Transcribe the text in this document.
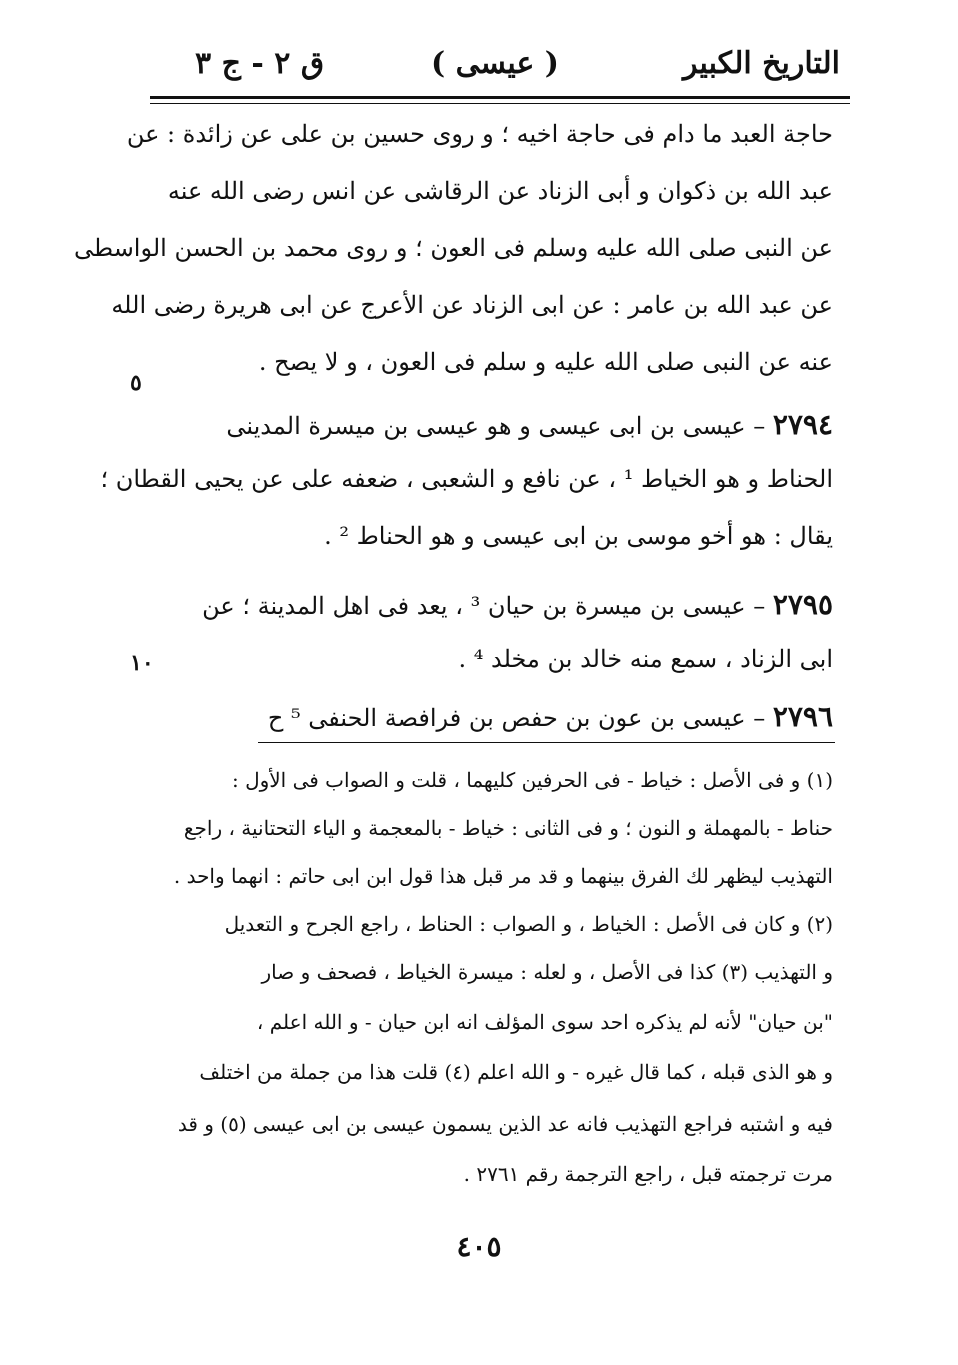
التاريخ الكبير
( عيسى )
ق ٢ - ج ٣
حاجة العبد ما دام فى حاجة اخيه ؛ و روى حسين بن على عن زائدة : عن
عبد الله بن ذكوان و أبى الزناد عن الرقاشى عن انس رضى الله عنه
عن النبى صلى الله عليه وسلم فى العون ؛ و روى محمد بن الحسن الواسطى
عن عبد الله بن عامر : عن ابى الزناد عن الأعرج عن ابى هريرة رضى الله
عنه عن النبى صلى الله عليه و سلم فى العون ، و لا يصح .
٥
٢٧٩٤ – عيسى بن ابى عيسى و هو عيسى بن ميسرة المدينى
الحناط و هو الخياط ¹ ، عن نافع و الشعبى ، ضعفه على عن يحيى القطان ؛
يقال : هو أخو موسى بن ابى عيسى و هو الحناط ² .
٢٧٩٥ – عيسى بن ميسرة بن حيان ³ ، يعد فى اهل المدينة ؛ عن
ابى الزناد ، سمع منه خالد بن مخلد ⁴ .
١٠
٢٧٩٦ – عيسى بن عون بن حفص بن فرافصة الحنفى ⁵ ح
(١) و فى الأصل : خياط - فى الحرفين كليهما ، قلت و الصواب فى الأول :
حناط - بالمهملة و النون ؛ و فى الثانى : خياط - بالمعجمة و الياء التحتانية ، راجع
التهذيب ليظهر لك الفرق بينهما و قد مر قبل هذا قول ابن ابى حاتم : انهما واحد .
(٢) و كان فى الأصل : الخياط ، و الصواب : الحناط ، راجع الجرح و التعديل
و التهذيب (٣) كذا فى الأصل ، و لعله : ميسرة الخياط ، فصحف و صار
"بن حيان" لأنه لم يذكره احد سوى المؤلف انه ابن حيان - و الله اعلم ،
و هو الذى قبله ، كما قال غيره - و الله اعلم (٤) قلت هذا من جملة من اختلف
فيه و اشتبه فراجع التهذيب فانه عد الذين يسمون عيسى بن ابى عيسى (٥) و قد
مرت ترجمته قبل ، راجع الترجمة رقم ٢٧٦١ .
٤٠٥
